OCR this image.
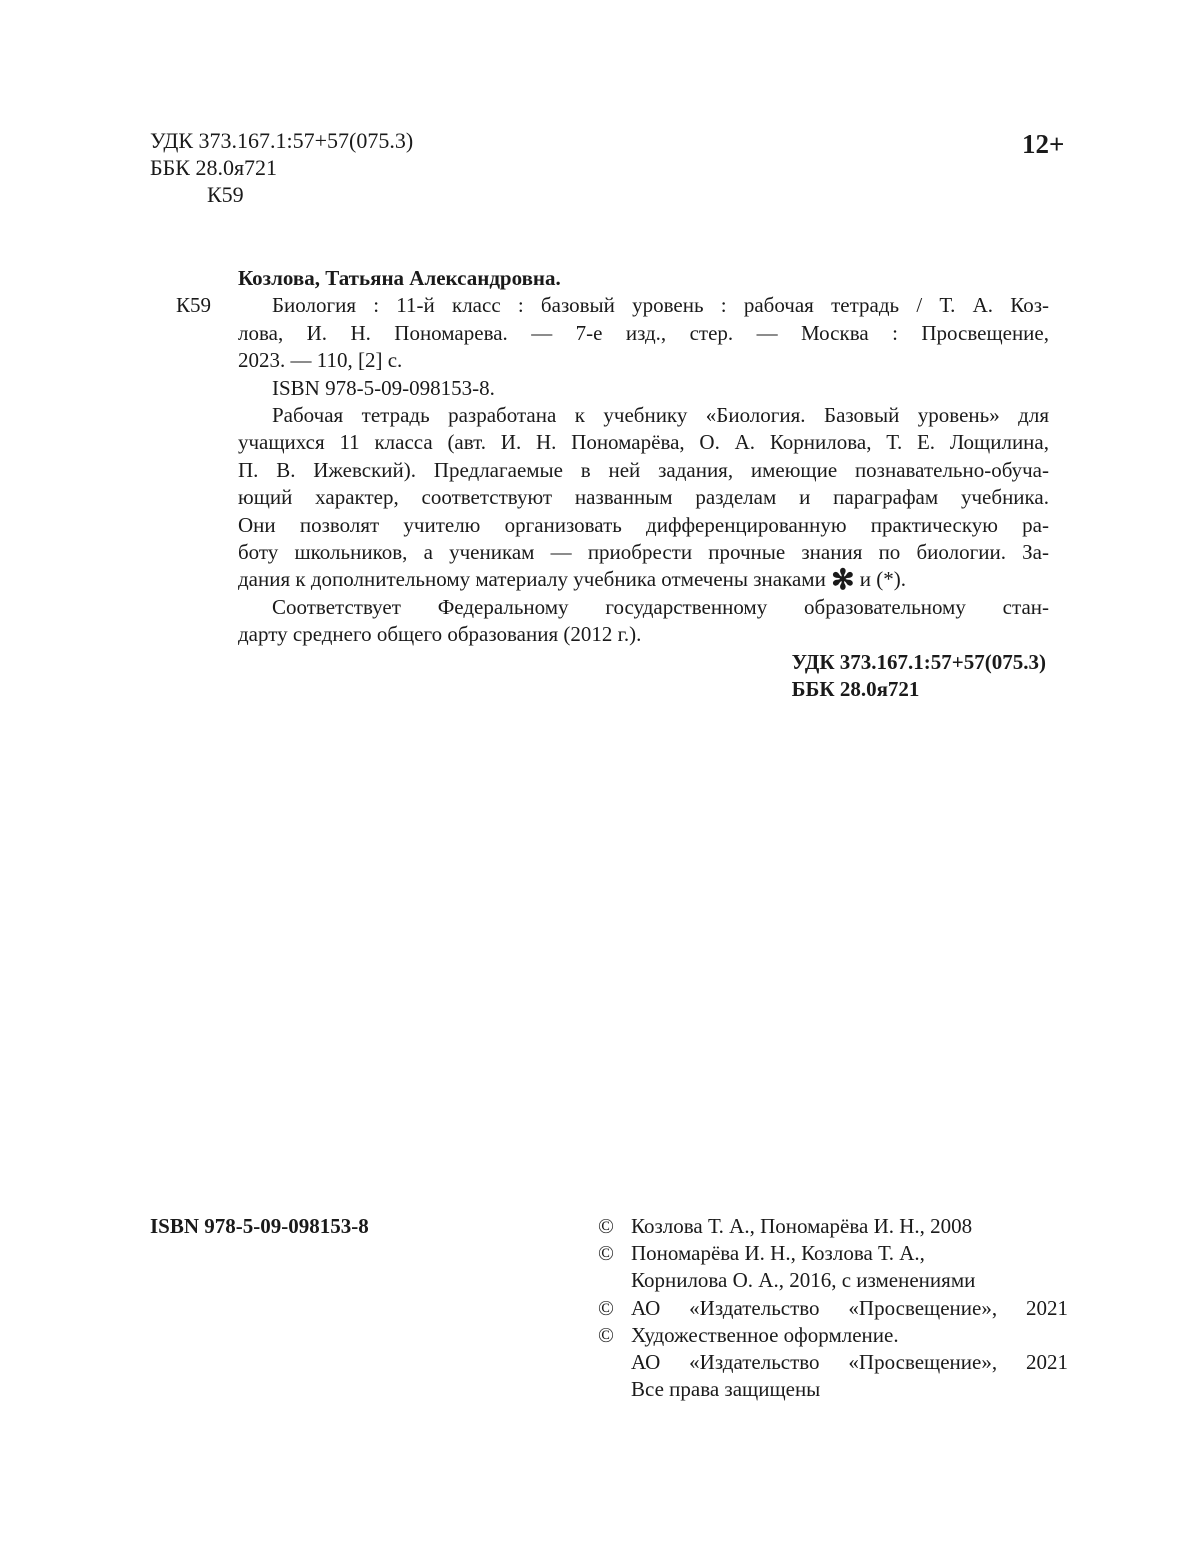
УДК 373.167.1:57+57(075.3)
ББК 28.0я721
К59
12+
К59

Козлова, Татьяна Александровна.

Биология : 11-й класс : базовый уровень : рабочая тетрадь / Т. А. Коз-
лова, И. Н. Пономарева. — 7-е изд., стер. — Москва : Просвещение,
2023. — 110, [2] с.

ISBN 978-5-09-098153-8.

Рабочая тетрадь разработана к учебнику «Биология. Базовый уровень» для
учащихся 11 класса (авт. И. Н. Пономарёва, О. А. Корнилова, Т. Е. Лощилина,
П. В. Ижевский). Предлагаемые в ней задания, имеющие познавательно-обуча-
ющий характер, соответствуют названным разделам и параграфам учебника.
Они позволят учителю организовать дифференцированную практическую ра-
боту школьников, а ученикам — приобрести прочные знания по биологии. За-
дания к дополнительному материалу учебника отмечены знаками ✻ и (*).
Соответствует Федеральному государственному образовательному стан-
дарту среднего общего образования (2012 г.).
УДК 373.167.1:57+57(075.3)
ББК 28.0я721
ISBN 978-5-09-098153-8	© Козлова Т. А., Пономарёва И. Н., 2008
© Пономарёва И. Н., Козлова Т. А.,
Корнилова О. А., 2016, с изменениями
© АО «Издательство «Просвещение», 2021
© Художественное оформление.
АО «Издательство «Просвещение», 2021
Все права защищены
